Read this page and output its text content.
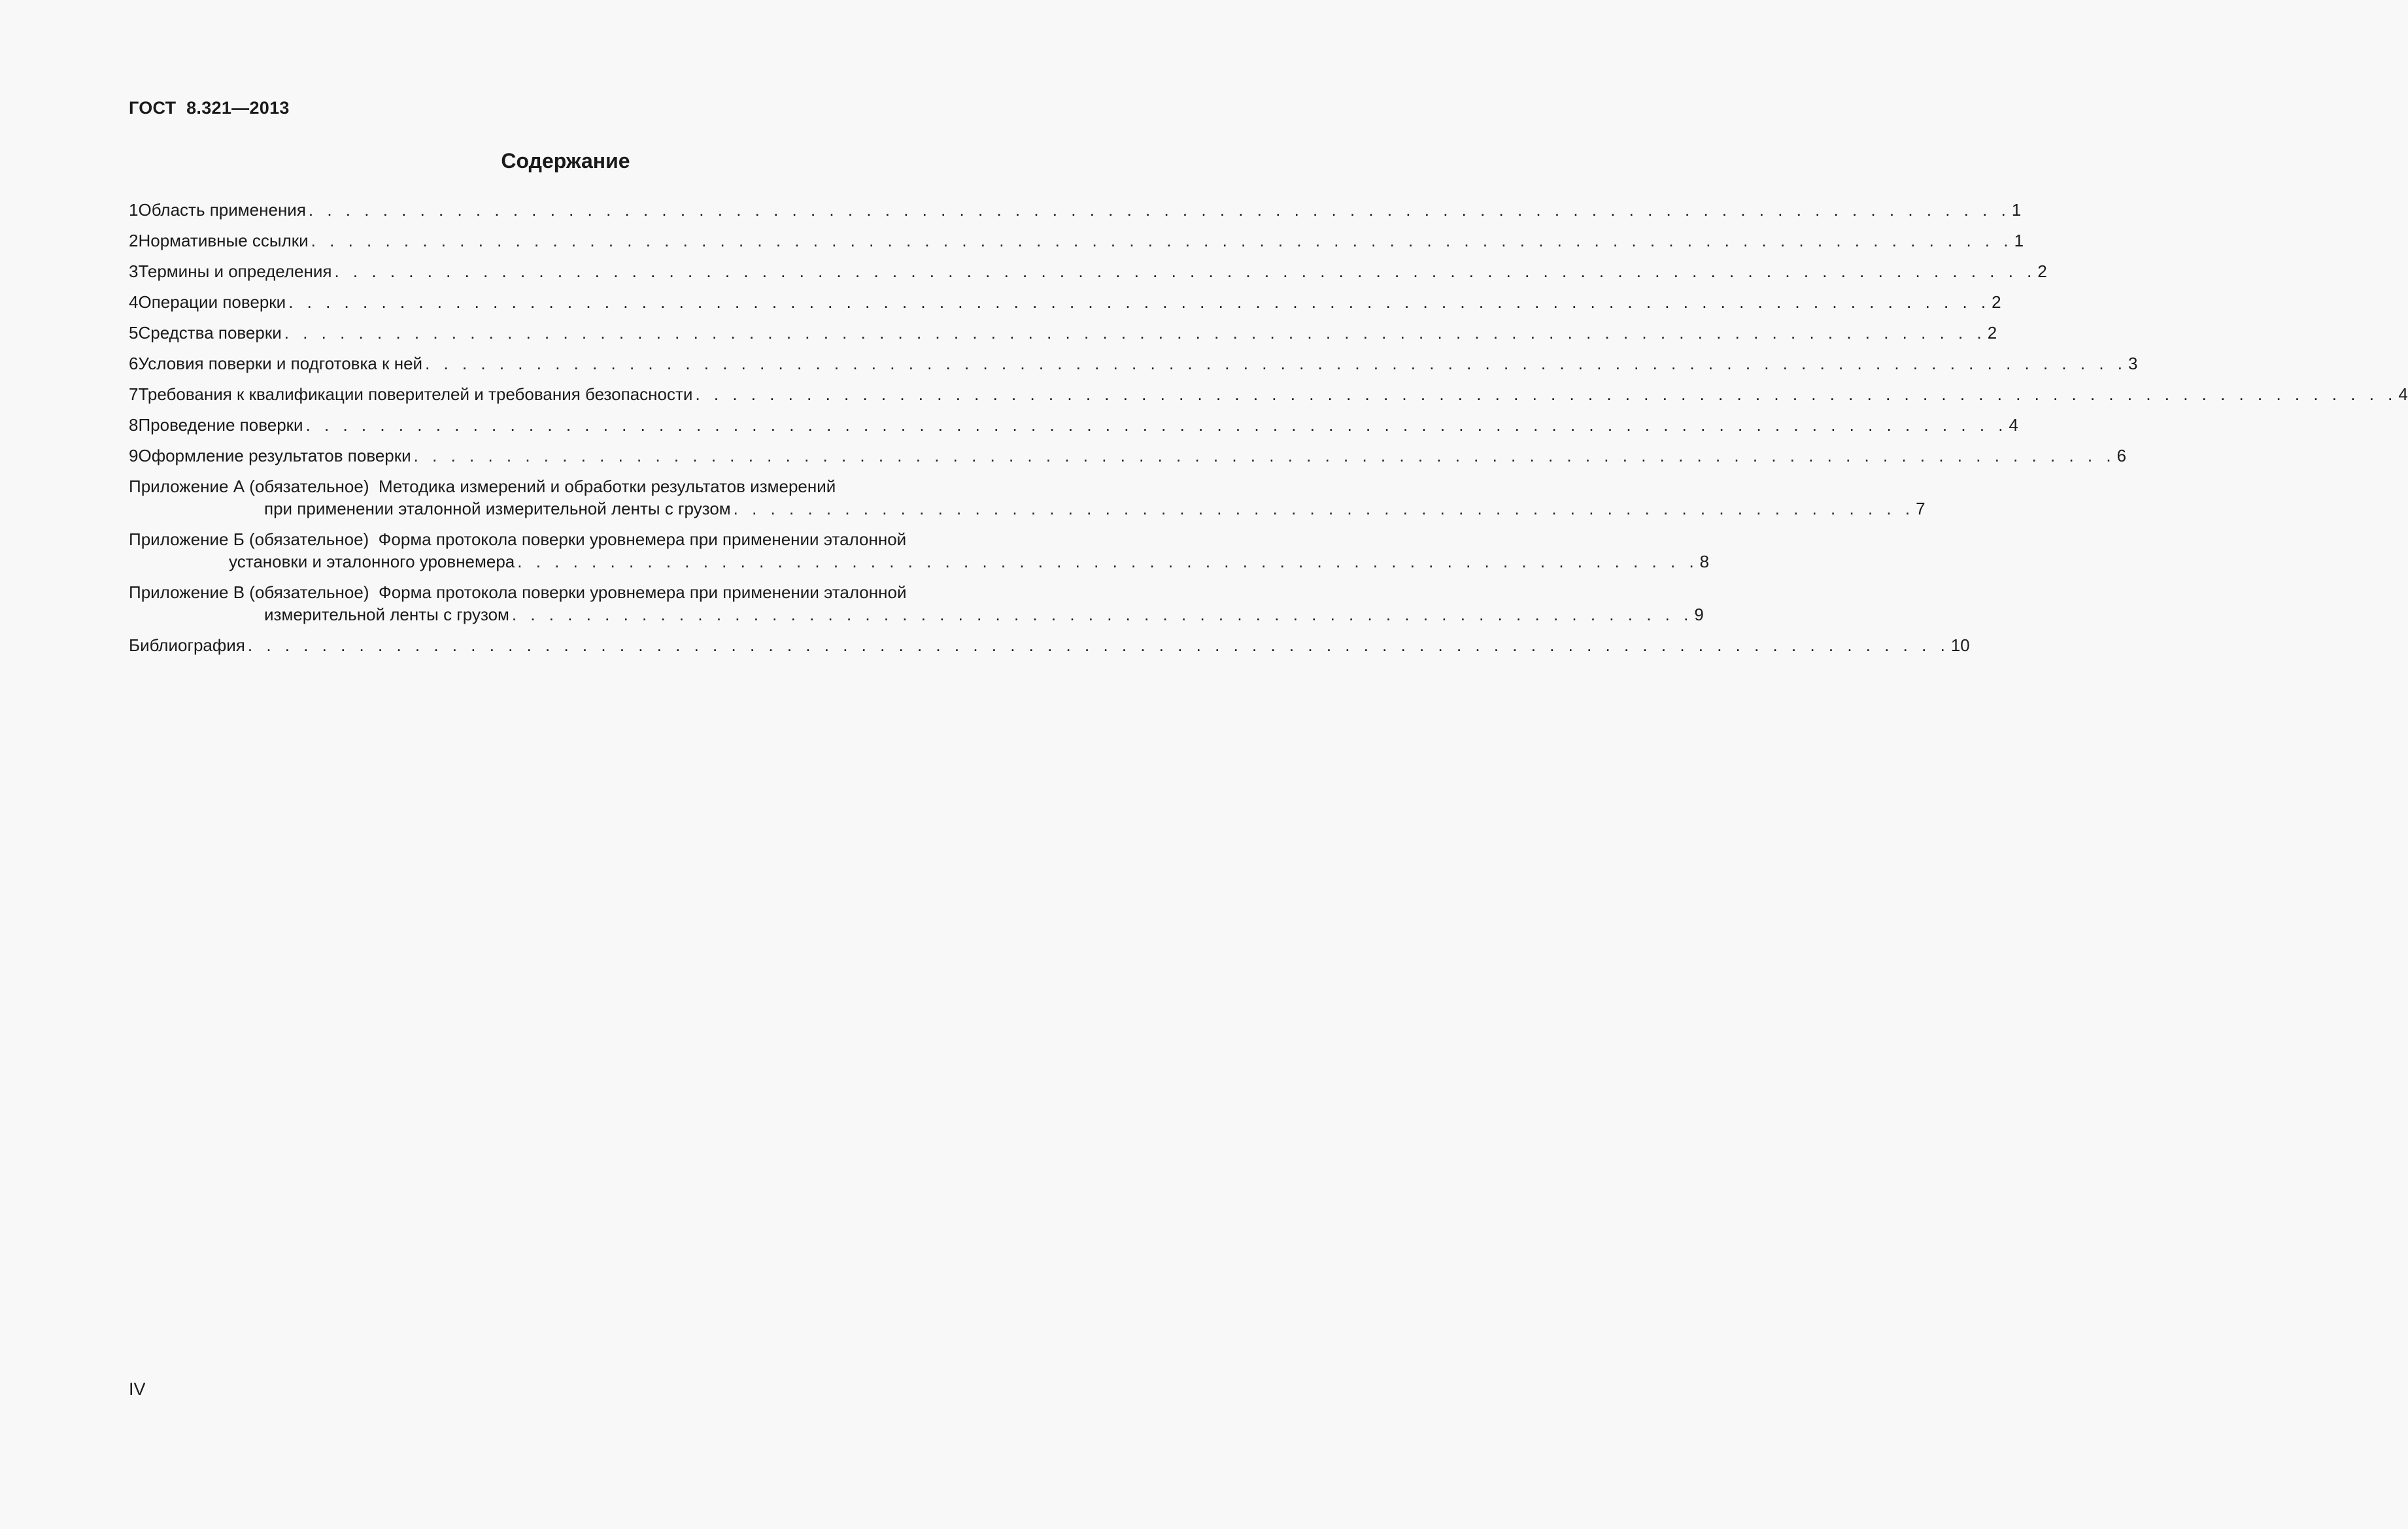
ГОСТ  8.321—2013
Содержание
1 Область применения . . . . . . . . . . . . . . . . . . . . . . . . . . . . . . . . . . . . . . . . . . . . . . . . . . . . . . . . . . . . . . . . . . . . . . . . . . . . . . . . . . . . . . . . . . . . 1
2 Нормативные ссылки . . . . . . . . . . . . . . . . . . . . . . . . . . . . . . . . . . . . . . . . . . . . . . . . . . . . . . . . . . . . . . . . . . . . . . . . . . . . . . . . . . . . . . . . . . . . 1
3 Термины и определения . . . . . . . . . . . . . . . . . . . . . . . . . . . . . . . . . . . . . . . . . . . . . . . . . . . . . . . . . . . . . . . . . . . . . . . . . . . . . . . . . . . . . . . . . . . . 2
4 Операции поверки . . . . . . . . . . . . . . . . . . . . . . . . . . . . . . . . . . . . . . . . . . . . . . . . . . . . . . . . . . . . . . . . . . . . . . . . . . . . . . . . . . . . . . . . . . . . 2
5 Средства поверки . . . . . . . . . . . . . . . . . . . . . . . . . . . . . . . . . . . . . . . . . . . . . . . . . . . . . . . . . . . . . . . . . . . . . . . . . . . . . . . . . . . . . . . . . . . . 2
6 Условия поверки и подготовка к ней . . . . . . . . . . . . . . . . . . . . . . . . . . . . . . . . . . . . . . . . . . . . . . . . . . . . . . . . . . . . . . . . . . . . . . . . . . . . . . . . . . . . . . . . . . . . 3
7 Требования к квалификации поверителей и требования безопасности . . . . . . . . . . . . . . . . . . . . . . . . . . . . . . . . . . . . . . . . . . . . . . . . . . . . . . . . . . . . . . . . . . . . . . . . . . . . . . . . . . . . . . . . . . . . 4
8 Проведение поверки . . . . . . . . . . . . . . . . . . . . . . . . . . . . . . . . . . . . . . . . . . . . . . . . . . . . . . . . . . . . . . . . . . . . . . . . . . . . . . . . . . . . . . . . . . . . 4
9 Оформление результатов поверки . . . . . . . . . . . . . . . . . . . . . . . . . . . . . . . . . . . . . . . . . . . . . . . . . . . . . . . . . . . . . . . . . . . . . . . . . . . . . . . . . . . . . . . . . . . . 6
Приложение А (обязательное) Методика измерений и обработки результатов измерений
при применении эталонной измерительной ленты с грузом . . . . . . . . . . . . . . . . . . . . . . . . . . . . . . . . . . . . . . . . . . . . . . . . . . . . . . . . . . . . . . . . 7
Приложение Б (обязательное) Форма протокола поверки уровнемера при применении эталонной
установки и эталонного уровнемера . . . . . . . . . . . . . . . . . . . . . . . . . . . . . . . . . . . . . . . . . . . . . . . . . . . . . . . . . . . . . . . . 8
Приложение В (обязательное) Форма протокола поверки уровнемера при применении эталонной
измерительной ленты с грузом . . . . . . . . . . . . . . . . . . . . . . . . . . . . . . . . . . . . . . . . . . . . . . . . . . . . . . . . . . . . . . . . 9
Библиография . . . . . . . . . . . . . . . . . . . . . . . . . . . . . . . . . . . . . . . . . . . . . . . . . . . . . . . . . . . . . . . . . . . . . . . . . . . . . . . . . . . . . . . . . . . . 10
IV
